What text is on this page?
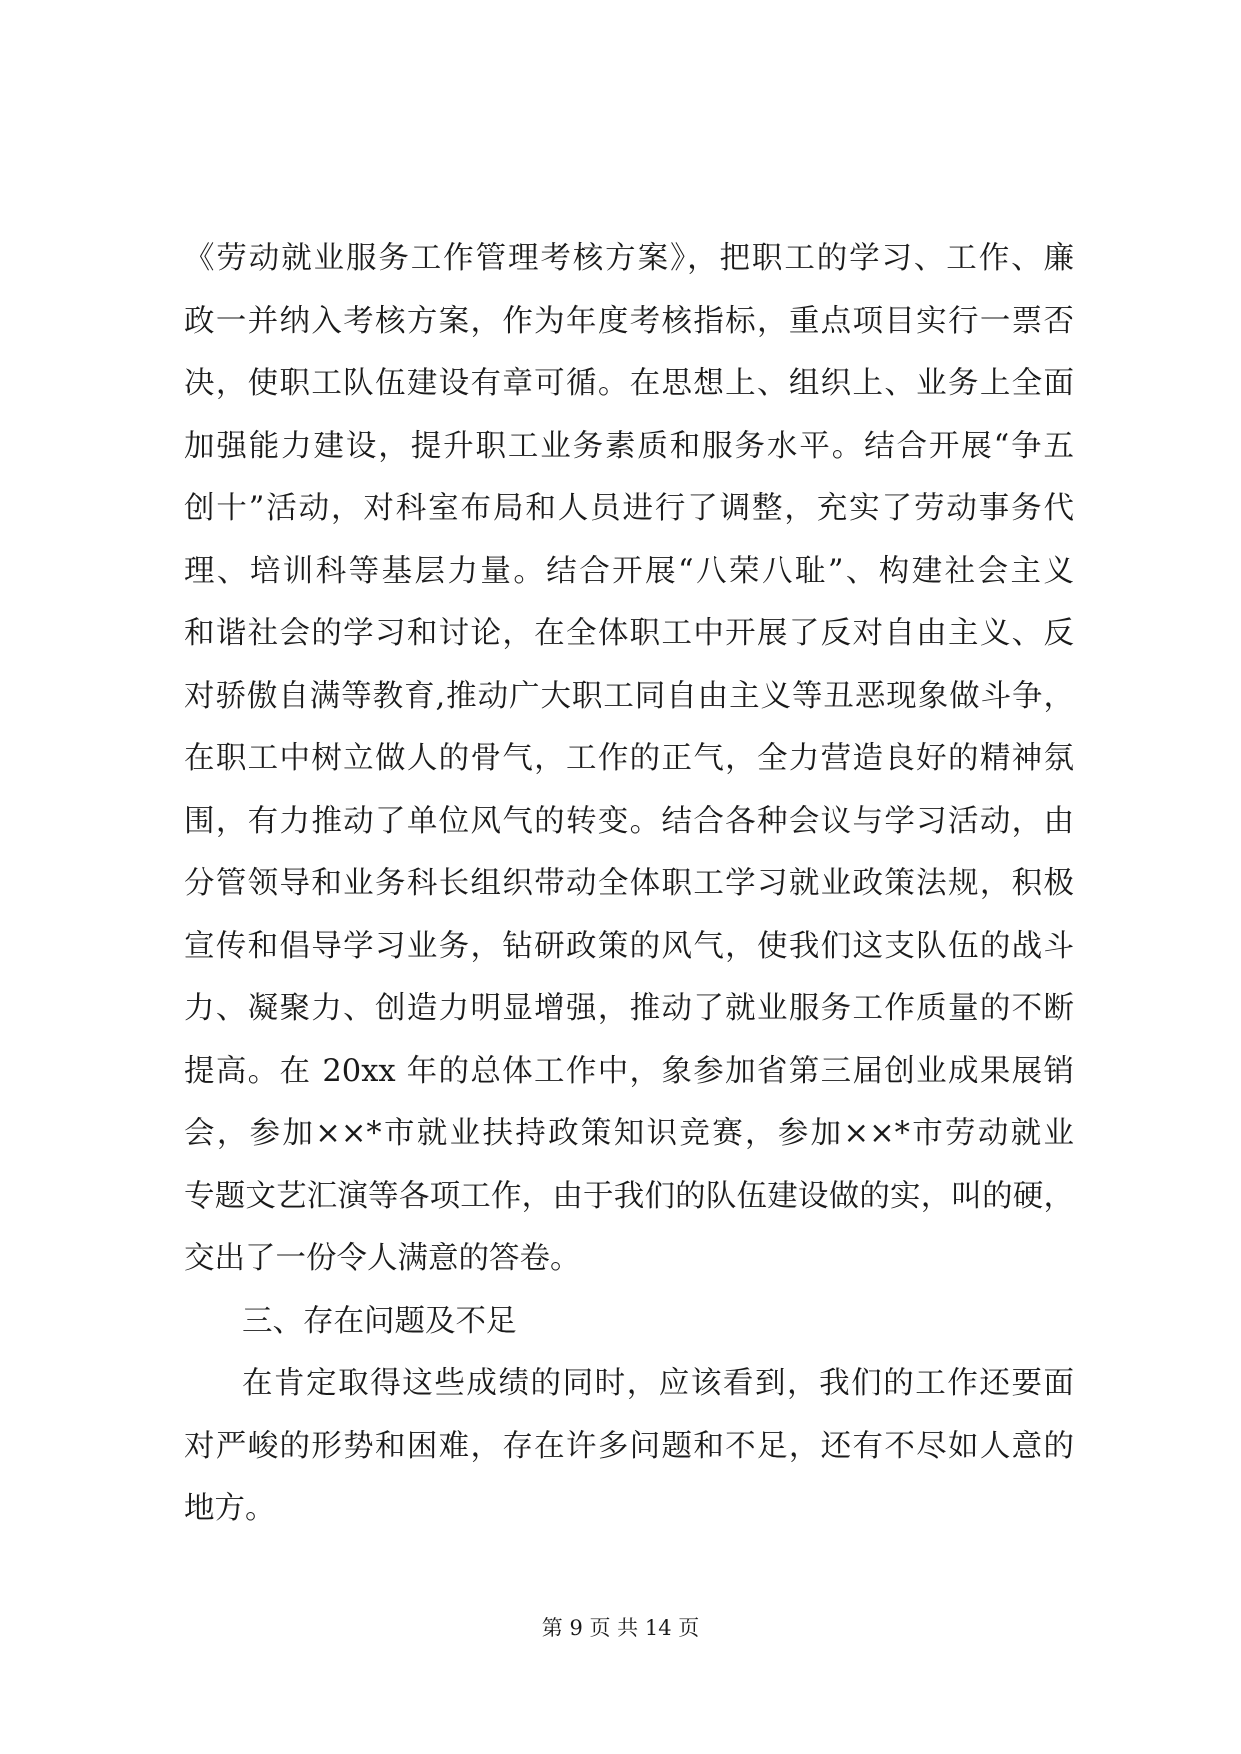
《劳动就业服务工作管理考核方案》，把职工的学习、工作、廉
政一并纳入考核方案，作为年度考核指标，重点项目实行一票否
决，使职工队伍建设有章可循。在思想上、组织上、业务上全面
加强能力建设，提升职工业务素质和服务水平。结合开展“争五
创十”活动，对科室布局和人员进行了调整，充实了劳动事务代
理、培训科等基层力量。结合开展“八荣八耻”、构建社会主义
和谐社会的学习和讨论，在全体职工中开展了反对自由主义、反
对骄傲自满等教育,推动广大职工同自由主义等丑恶现象做斗争，
在职工中树立做人的骨气，工作的正气，全力营造良好的精神氛
围，有力推动了单位风气的转变。结合各种会议与学习活动，由
分管领导和业务科长组织带动全体职工学习就业政策法规，积极
宣传和倡导学习业务，钻研政策的风气，使我们这支队伍的战斗
力、凝聚力、创造力明显增强，推动了就业服务工作质量的不断
提高。在 20xx 年的总体工作中，象参加省第三届创业成果展销
会，参加××*市就业扶持政策知识竞赛，参加××*市劳动就业
专题文艺汇演等各项工作，由于我们的队伍建设做的实，叫的硬，
交出了一份令人满意的答卷。
三、存在问题及不足
在肯定取得这些成绩的同时，应该看到，我们的工作还要面
对严峻的形势和困难，存在许多问题和不足，还有不尽如人意的
地方。
第 9 页 共 14 页
